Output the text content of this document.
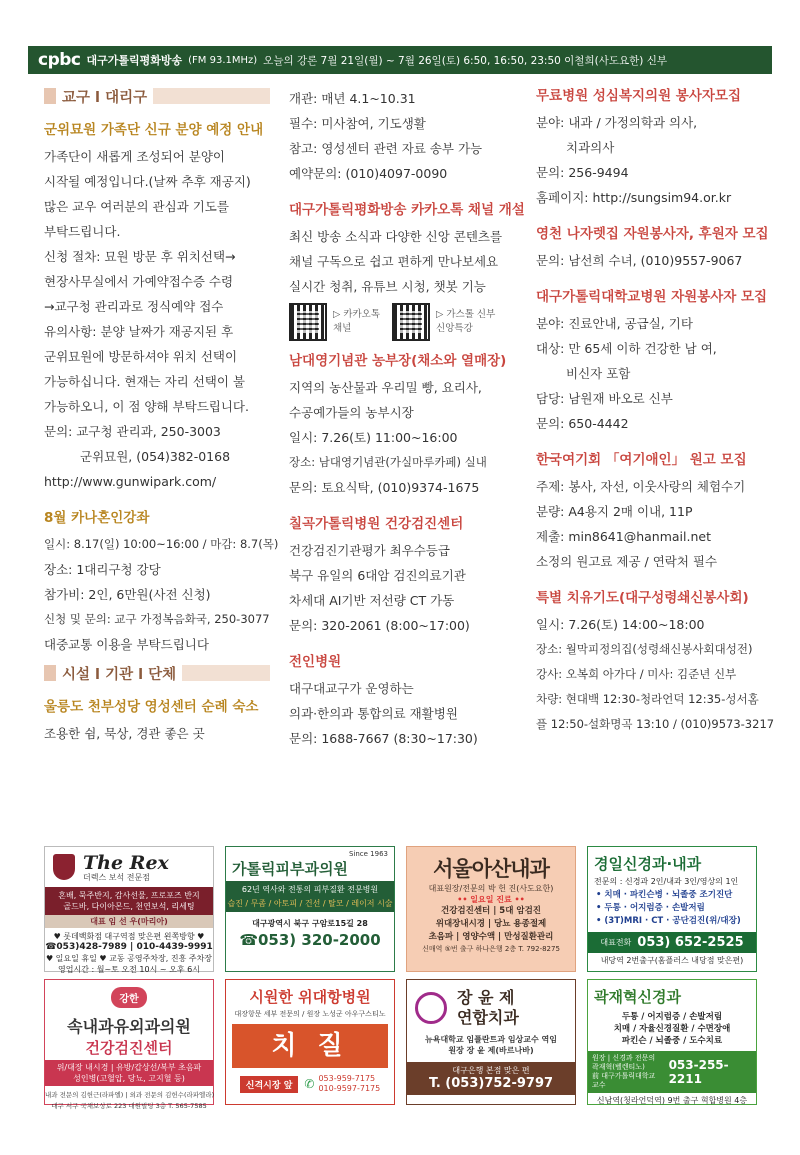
cpbc 대구가톨릭평화방송 (FM 93.1MHz) 오늘의 강론 7월 21일(월) ~ 7월 26일(토) 6:50, 16:50, 23:50 이철희(사도요한) 신부
교구 l 대리구
군위묘원 가족단 신규 분양 예정 안내
가족단이 새롭게 조성되어 분양이
시작될 예정입니다.(날짜 추후 재공지)
많은 교우 여러분의 관심과 기도를
부탁드립니다.
신청 절차: 묘원 방문 후 위치선택→
현장사무실에서 가예약접수증 수령
→교구청 관리과로 정식예약 접수
유의사항: 분양 날짜가 재공지된 후
군위묘원에 방문하셔야 위치 선택이
가능하십니다. 현재는 자리 선택이 불
가능하오니, 이 점 양해 부탁드립니다.
문의: 교구청 관리과, 250-3003
군위묘원, (054)382-0168
http://www.gunwipark.com/
8월 카나혼인강좌
일시: 8.17(일) 10:00~16:00 / 마감: 8.7(목)
장소: 1대리구청 강당
참가비: 2인, 6만원(사전 신청)
신청 및 문의: 교구 가정복음화국, 250-3077
대중교통 이용을 부탁드립니다
시설 l 기관 l 단체
울릉도 천부성당 영성센터 순례 숙소
조용한 쉼, 묵상, 경관 좋은 곳
개관: 매년 4.1~10.31
필수: 미사참여, 기도생활
참고: 영성센터 관련 자료 송부 가능
예약문의: (010)4097-0090
대구가톨릭평화방송 카카오톡 채널 개설
최신 방송 소식과 다양한 신앙 콘텐츠를
채널 구독으로 쉽고 편하게 만나보세요
실시간 청취, 유튜브 시청, 챗봇 기능
▷ 카카오톡
채널
▷ 가스톨 신부
신앙특강
남대영기념관 농부장(채소와 열매장)
지역의 농산물과 우리밀 빵, 요리사,
수공예가들의 농부시장
일시: 7.26(토) 11:00~16:00
장소: 남대영기념관(가실마루카페) 실내
문의: 토요식탁, (010)9374-1675
칠곡가톨릭병원 건강검진센터
건강검진기관평가 최우수등급
북구 유일의 6대암 검진의료기관
차세대 AI기반 저선량 CT 가동
문의: 320-2061 (8:00~17:00)
전인병원
대구대교구가 운영하는
의과·한의과 통합의료 재활병원
문의: 1688-7667 (8:30~17:30)
무료병원 성심복지의원 봉사자모집
분야: 내과 / 가정의학과 의사,
치과의사
문의: 256-9494
홈페이지: http://sungsim94.or.kr
영천 나자렛집 자원봉사자, 후원자 모집
문의: 남선희 수녀, (010)9557-9067
대구가톨릭대학교병원 자원봉사자 모집
분야: 진료안내, 공급실, 기타
대상: 만 65세 이하 건강한 남 여,
비신자 포함
담당: 남원재 바오로 신부
문의: 650-4442
한국여기회 「여기애인」 원고 모집
주제: 봉사, 자선, 이웃사랑의 체험수기
분량: A4용지 2매 이내, 11P
제출: min8641@hanmail.net
소정의 원고료 제공 / 연락처 필수
특별 치유기도(대구성령쇄신봉사회)
일시: 7.26(토) 14:00~18:00
장소: 월막피정의집(성령쇄신봉사회대성전)
강사: 오복희 아가다 / 미사: 김준년 신부
차량: 현대백 12:30-청라언덕 12:35-성서홈
플 12:50-설화명곡 13:10 / (010)9573-3217
The Rex
더렉스 보석 전문점
혼배, 묵주반지, 감사선물, 프로포즈 반지
골드바, 다이아몬드, 천연보석, 리세팅
대표 임 선 우(마리아)
♥ 롯데백화점 대구역점 맞은편 왼쪽방향 ♥
☎053)428-7989 | 010-4439-9991
♥ 일요일 휴일 ♥ 교동 공영주차장, 진흥 주차장
영업시간 : 월~토 오전 10시 ~ 오후 6시
Since 1963
가톨릭피부과의원
62년 역사와 전통의 피부질환 전문병원
습진 / 무좀 / 아토피 / 건선 / 탈모 / 레이저 시술
대구광역시 북구 구암로15길 28
☎053) 320-2000
서울아산내과
대표원장/전문의 박 헌 진(사도요한)
•• 일요일 진료 ••
건강검진센터 | 5대 암검진
위대장내시경 | 당뇨 용종절제
초음파 | 영양수액 | 만성질환관리
신매역 ⑤번 출구 하나은행 2층 T. 792-8275
경일신경과·내과
전문의 : 신경과 2인/내과 3인/영상의 1인
• 치매 · 파킨슨병 · 뇌졸중 조기진단
• 두통 · 어지럼증 · 손발저림
• (3T)MRI · CT · 공단검진(위/대장)
대표전화 053) 652-2525
내당역 2번출구(홈플러스 내당점 맞은편)
강한
속내과유외과의원
건강검진센터
위/대장 내시경 | 유방/갑상선/복부 초음파
성인병(고혈압, 당뇨, 고지혈 등)
내과 전문의 김헌근(라파엘) | 외과 전문의 김헌수(라파엘라)
대구 서구 국채보상로 223 대원빌딩 3층 T. 565-7585
시원한 위대항병원
대장항문 세부 전문의 / 원장 노성군 아우구스티노
치 질
신격시장 앞	✆ 053-959-7175
010-9597-7175
장 윤 제
연합치과
뉴욕대학교 임플란트과 임상교수 역임
원장 장 윤 제(바르나바)
대구은행 본점 맞은 편
T. (053)752-9797
곽재혁신경과
두통 / 어지럼증 / 손발저림
치매 / 자율신경질환 / 수면장애
파킨슨 / 뇌졸중 / 도수치료
원장 | 신경과 전문의
곽재혁(벨렌티노)
前 대구가톨릭대학교 교수
053-255-2211
신남역(청라언덕역) 9번 출구 혁합병원 4층
